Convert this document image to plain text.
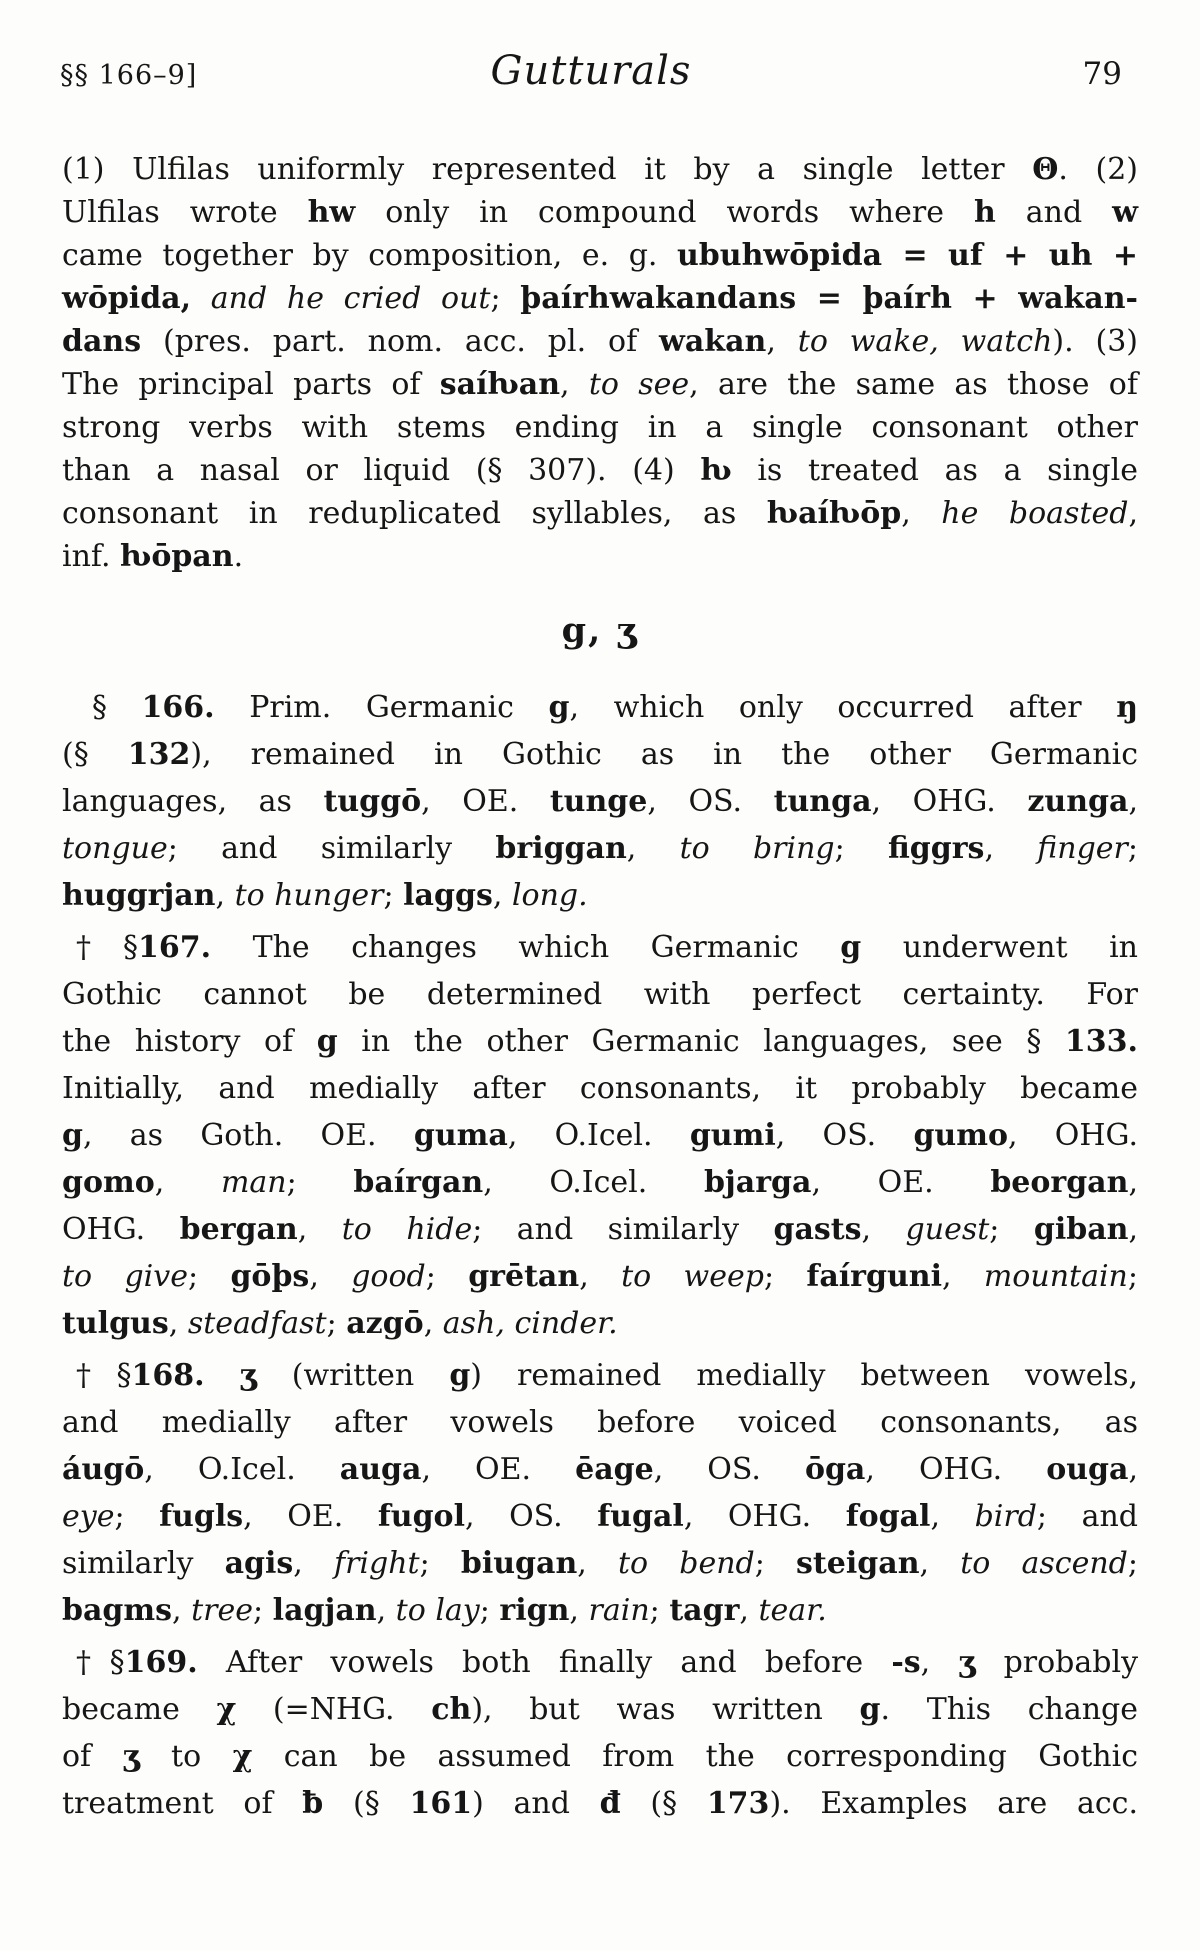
§§ 166–9]	Gutturals	79
(1) Ulfilas uniformly represented it by a single letter Θ. (2)
Ulfilas wrote hw only in compound words where h and w
came together by composition, e. g. ubuhwōpida = uf + uh +
wōpida, and he cried out; þaírhwakandans = þaírh + wakan-
dans (pres. part. nom. acc. pl. of wakan, to wake, watch). (3)
The principal parts of saíƕan, to see, are the same as those of
strong verbs with stems ending in a single consonant other
than a nasal or liquid (§ 307). (4) ƕ is treated as a single
consonant in reduplicated syllables, as ƕaíƕōp, he boasted,
inf. ƕōpan.
g, ʒ
§ 166. Prim. Germanic g, which only occurred after ŋ
(§ 132), remained in Gothic as in the other Germanic
languages, as tuggō, OE. tunge, OS. tunga, OHG. zunga,
tongue; and similarly briggan, to bring; figgrs, finger;
huggrjan, to hunger; laggs, long.
†§167. The changes which Germanic g underwent in
Gothic cannot be determined with perfect certainty. For
the history of g in the other Germanic languages, see § 133.
Initially, and medially after consonants, it probably became
g, as Goth. OE. guma, O.Icel. gumi, OS. gumo, OHG.
gomo, man; baírgan, O.Icel. bjarga, OE. beorgan,
OHG. bergan, to hide; and similarly gasts, guest; giban,
to give; gōþs, good; grētan, to weep; faírguni, mountain;
tulgus, steadfast; azgō, ash, cinder.
†§168. ʒ (written g) remained medially between vowels,
and medially after vowels before voiced consonants, as
áugō, O.Icel. auga, OE. ēage, OS. ōga, OHG. ouga,
eye; fugls, OE. fugol, OS. fugal, OHG. fogal, bird; and
similarly agis, fright; biugan, to bend; steigan, to ascend;
bagms, tree; lagjan, to lay; rign, rain; tagr, tear.
†§169. After vowels both finally and before -s, ʒ probably
became χ (=NHG. ch), but was written g. This change
of ʒ to χ can be assumed from the corresponding Gothic
treatment of ƀ (§ 161) and đ (§ 173). Examples are acc.
